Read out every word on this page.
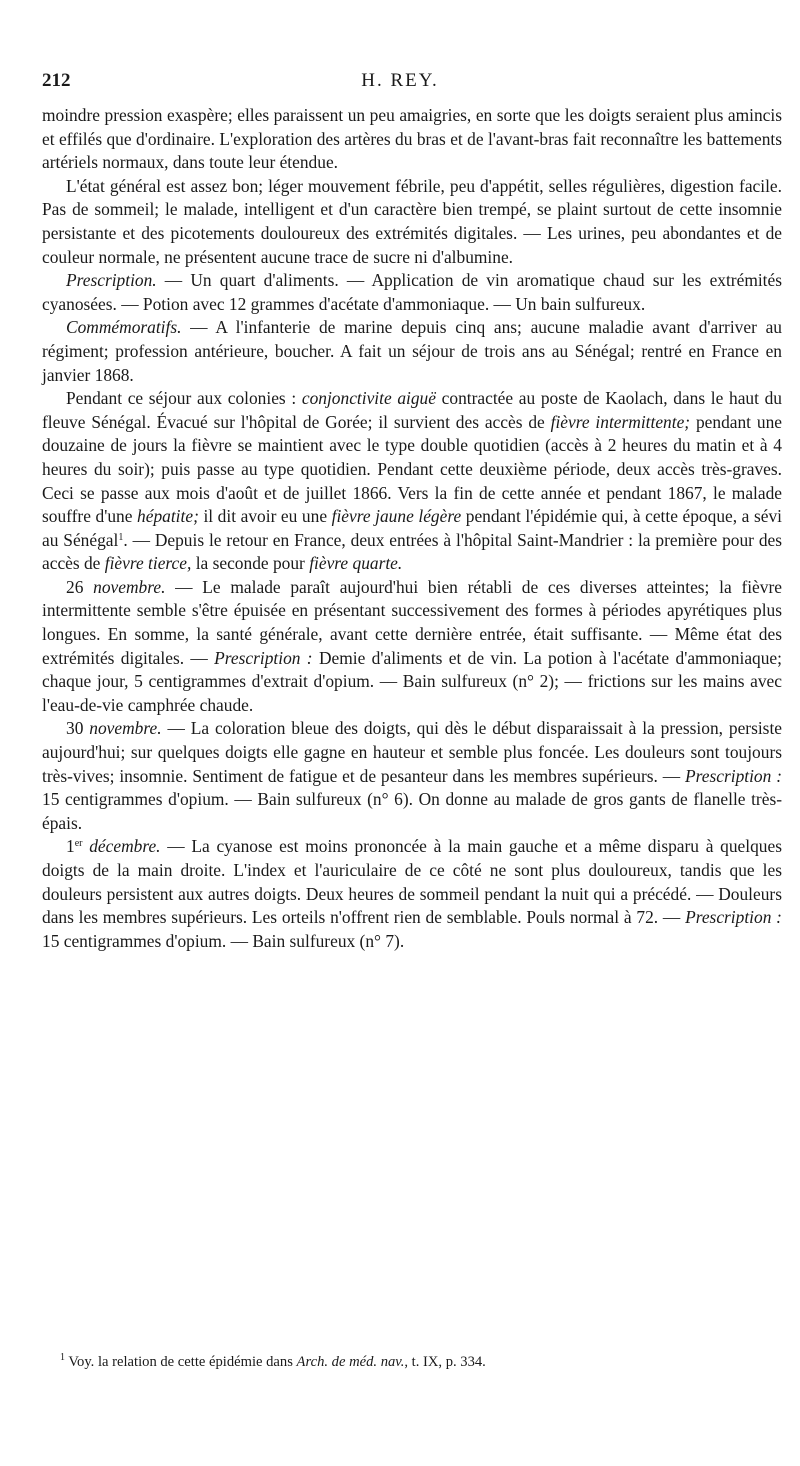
212	H. REY.

moindre pression exaspère; elles paraissent un peu amaigries, en sorte que les doigts seraient plus amincis et effilés que d'ordinaire. L'exploration des artères du bras et de l'avant-bras fait reconnaître les battements artériels normaux, dans toute leur étendue.

L'état général est assez bon; léger mouvement fébrile, peu d'appétit, selles régulières, digestion facile. Pas de sommeil; le malade, intelligent et d'un caractère bien trempé, se plaint surtout de cette insomnie persistante et des picotements douloureux des extrémités digitales. — Les urines, peu abondantes et de couleur normale, ne présentent aucune trace de sucre ni d'albumine.

Prescription. — Un quart d'aliments. — Application de vin aromatique chaud sur les extrémités cyanosées. — Potion avec 12 grammes d'acétate d'ammoniaque. — Un bain sulfureux.

Commémoratifs. — A l'infanterie de marine depuis cinq ans; aucune maladie avant d'arriver au régiment; profession antérieure, boucher. A fait un séjour de trois ans au Sénégal; rentré en France en janvier 1868.

Pendant ce séjour aux colonies : conjonctivite aiguë contractée au poste de Kaolach, dans le haut du fleuve Sénégal. Évacué sur l'hôpital de Gorée; il survient des accès de fièvre intermittente; pendant une douzaine de jours la fièvre se maintient avec le type double quotidien (accès à 2 heures du matin et à 4 heures du soir); puis passe au type quotidien. Pendant cette deuxième période, deux accès très-graves. Ceci se passe aux mois d'août et de juillet 1866. Vers la fin de cette année et pendant 1867, le malade souffre d'une hépatite; il dit avoir eu une fièvre jaune légère pendant l'épidémie qui, à cette époque, a sévi au Sénégal$^1$. — Depuis le retour en France, deux entrées à l'hôpital Saint-Mandrier : la première pour des accès de fièvre tierce, la seconde pour fièvre quarte.

26 novembre. — Le malade paraît aujourd'hui bien rétabli de ces diverses atteintes; la fièvre intermittente semble s'être épuisée en présentant successivement des formes à périodes apyrétiques plus longues. En somme, la santé générale, avant cette dernière entrée, était suffisante. — Même état des extrémités digitales. — Prescription : Demie d'aliments et de vin. La potion à l'acétate d'ammoniaque; chaque jour, 5 centigrammes d'extrait d'opium. — Bain sulfureux (n° 2); — frictions sur les mains avec l'eau-de-vie camphrée chaude.

30 novembre. — La coloration bleue des doigts, qui dès le début disparaissait à la pression, persiste aujourd'hui; sur quelques doigts elle gagne en hauteur et semble plus foncée. Les douleurs sont toujours très-vives; insomnie. Sentiment de fatigue et de pesanteur dans les membres supérieurs. — Prescription : 15 centigrammes d'opium. — Bain sulfureux (n° 6). On donne au malade de gros gants de flanelle très-épais.

1er décembre. — La cyanose est moins prononcée à la main gauche et a même disparu à quelques doigts de la main droite. L'index et l'auriculaire de ce côté ne sont plus douloureux, tandis que les douleurs persistent aux autres doigts. Deux heures de sommeil pendant la nuit qui a précédé. — Douleurs dans les membres supérieurs. Les orteils n'offrent rien de semblable. Pouls normal à 72. — Prescription : 15 centigrammes d'opium. — Bain sulfureux (n° 7).

$^1$ Voy. la relation de cette épidémie dans Arch. de méd. nav., t. IX, p. 334.
